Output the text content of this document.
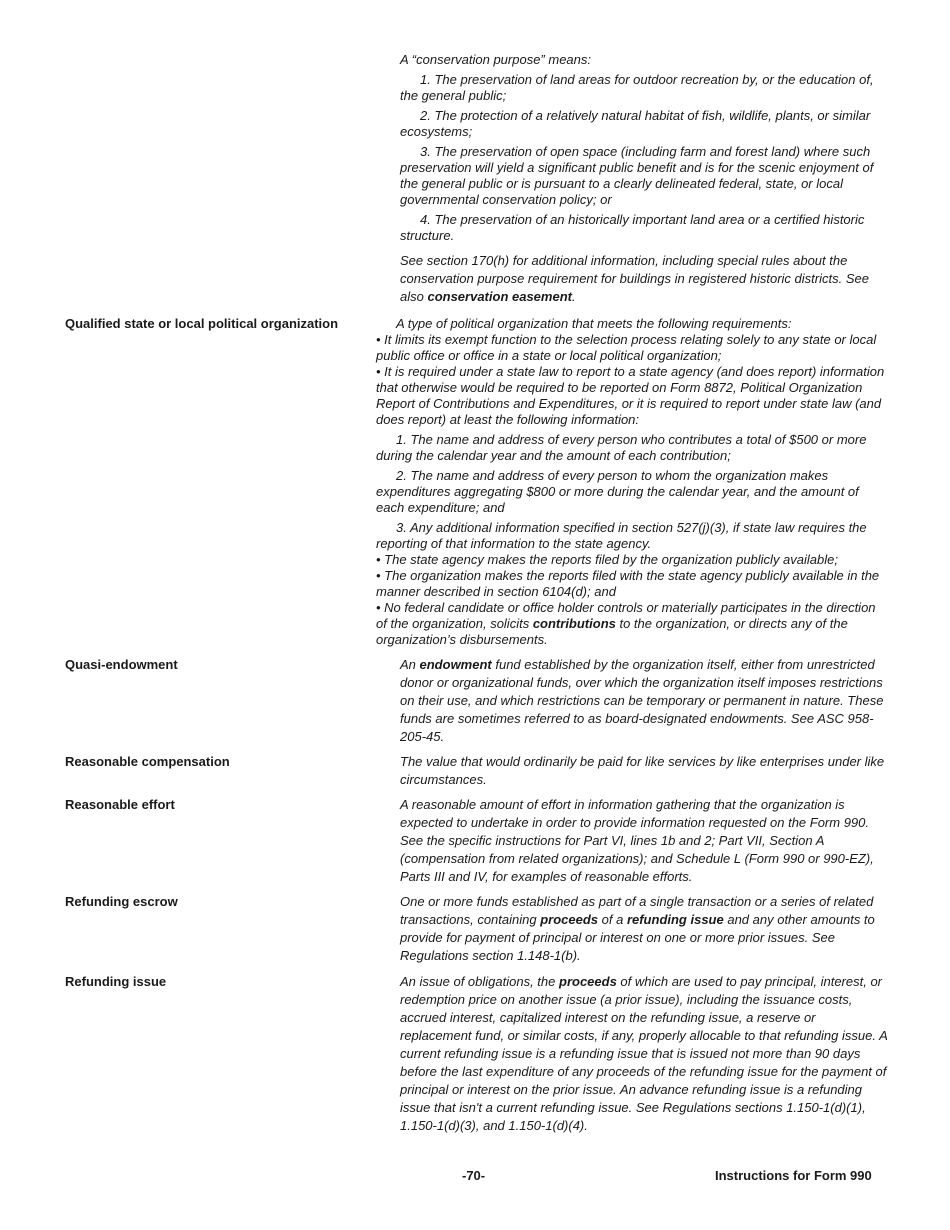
A “conservation purpose” means:

1. The preservation of land areas for outdoor recreation by, or the education of, the general public;

2. The protection of a relatively natural habitat of fish, wildlife, plants, or similar ecosystems;

3. The preservation of open space (including farm and forest land) where such preservation will yield a significant public benefit and is for the scenic enjoyment of the general public or is pursuant to a clearly delineated federal, state, or local governmental conservation policy; or

4. The preservation of an historically important land area or a certified historic structure.

See section 170(h) for additional information, including special rules about the conservation purpose requirement for buildings in registered historic districts. See also conservation easement.

Qualified state or local political organization	A type of political organization that meets the following requirements:

• It limits its exempt function to the selection process relating solely to any state or local public office or office in a state or local political organization;

• It is required under a state law to report to a state agency (and does report) information that otherwise would be required to be reported on Form 8872, Political Organization Report of Contributions and Expenditures, or it is required to report under state law (and does report) at least the following information:

1. The name and address of every person who contributes a total of $500 or more during the calendar year and the amount of each contribution;

2. The name and address of every person to whom the organization makes expenditures aggregating $800 or more during the calendar year, and the amount of each expenditure; and

3. Any additional information specified in section 527(j)(3), if state law requires the reporting of that information to the state agency.

• The state agency makes the reports filed by the organization publicly available;

• The organization makes the reports filed with the state agency publicly available in the manner described in section 6104(d); and

• No federal candidate or office holder controls or materially participates in the direction of the organization, solicits contributions to the organization, or directs any of the organization’s disbursements.

Quasi-endowment	An endowment fund established by the organization itself, either from unrestricted donor or organizational funds, over which the organization itself imposes restrictions on their use, and which restrictions can be temporary or permanent in nature. These funds are sometimes referred to as board-designated endowments. See ASC 958-205-45.
Reasonable compensation	The value that would ordinarily be paid for like services by like enterprises under like circumstances.
Reasonable effort	A reasonable amount of effort in information gathering that the organization is expected to undertake in order to provide information requested on the Form 990. See the specific instructions for Part VI, lines 1b and 2; Part VII, Section A (compensation from related organizations); and Schedule L (Form 990 or 990-EZ), Parts III and IV, for examples of reasonable efforts.
Refunding escrow	One or more funds established as part of a single transaction or a series of related transactions, containing proceeds of a refunding issue and any other amounts to provide for payment of principal or interest on one or more prior issues. See Regulations section 1.148-1(b).
Refunding issue	An issue of obligations, the proceeds of which are used to pay principal, interest, or redemption price on another issue (a prior issue), including the issuance costs, accrued interest, capitalized interest on the refunding issue, a reserve or replacement fund, or similar costs, if any, properly allocable to that refunding issue. A current refunding issue is a refunding issue that is issued not more than 90 days before the last expenditure of any proceeds of the refunding issue for the payment of principal or interest on the prior issue. An advance refunding issue is a refunding issue that isn't a current refunding issue. See Regulations sections 1.150-1(d)(1), 1.150-1(d)(3), and 1.150-1(d)(4).
-70-	Instructions for Form 990
